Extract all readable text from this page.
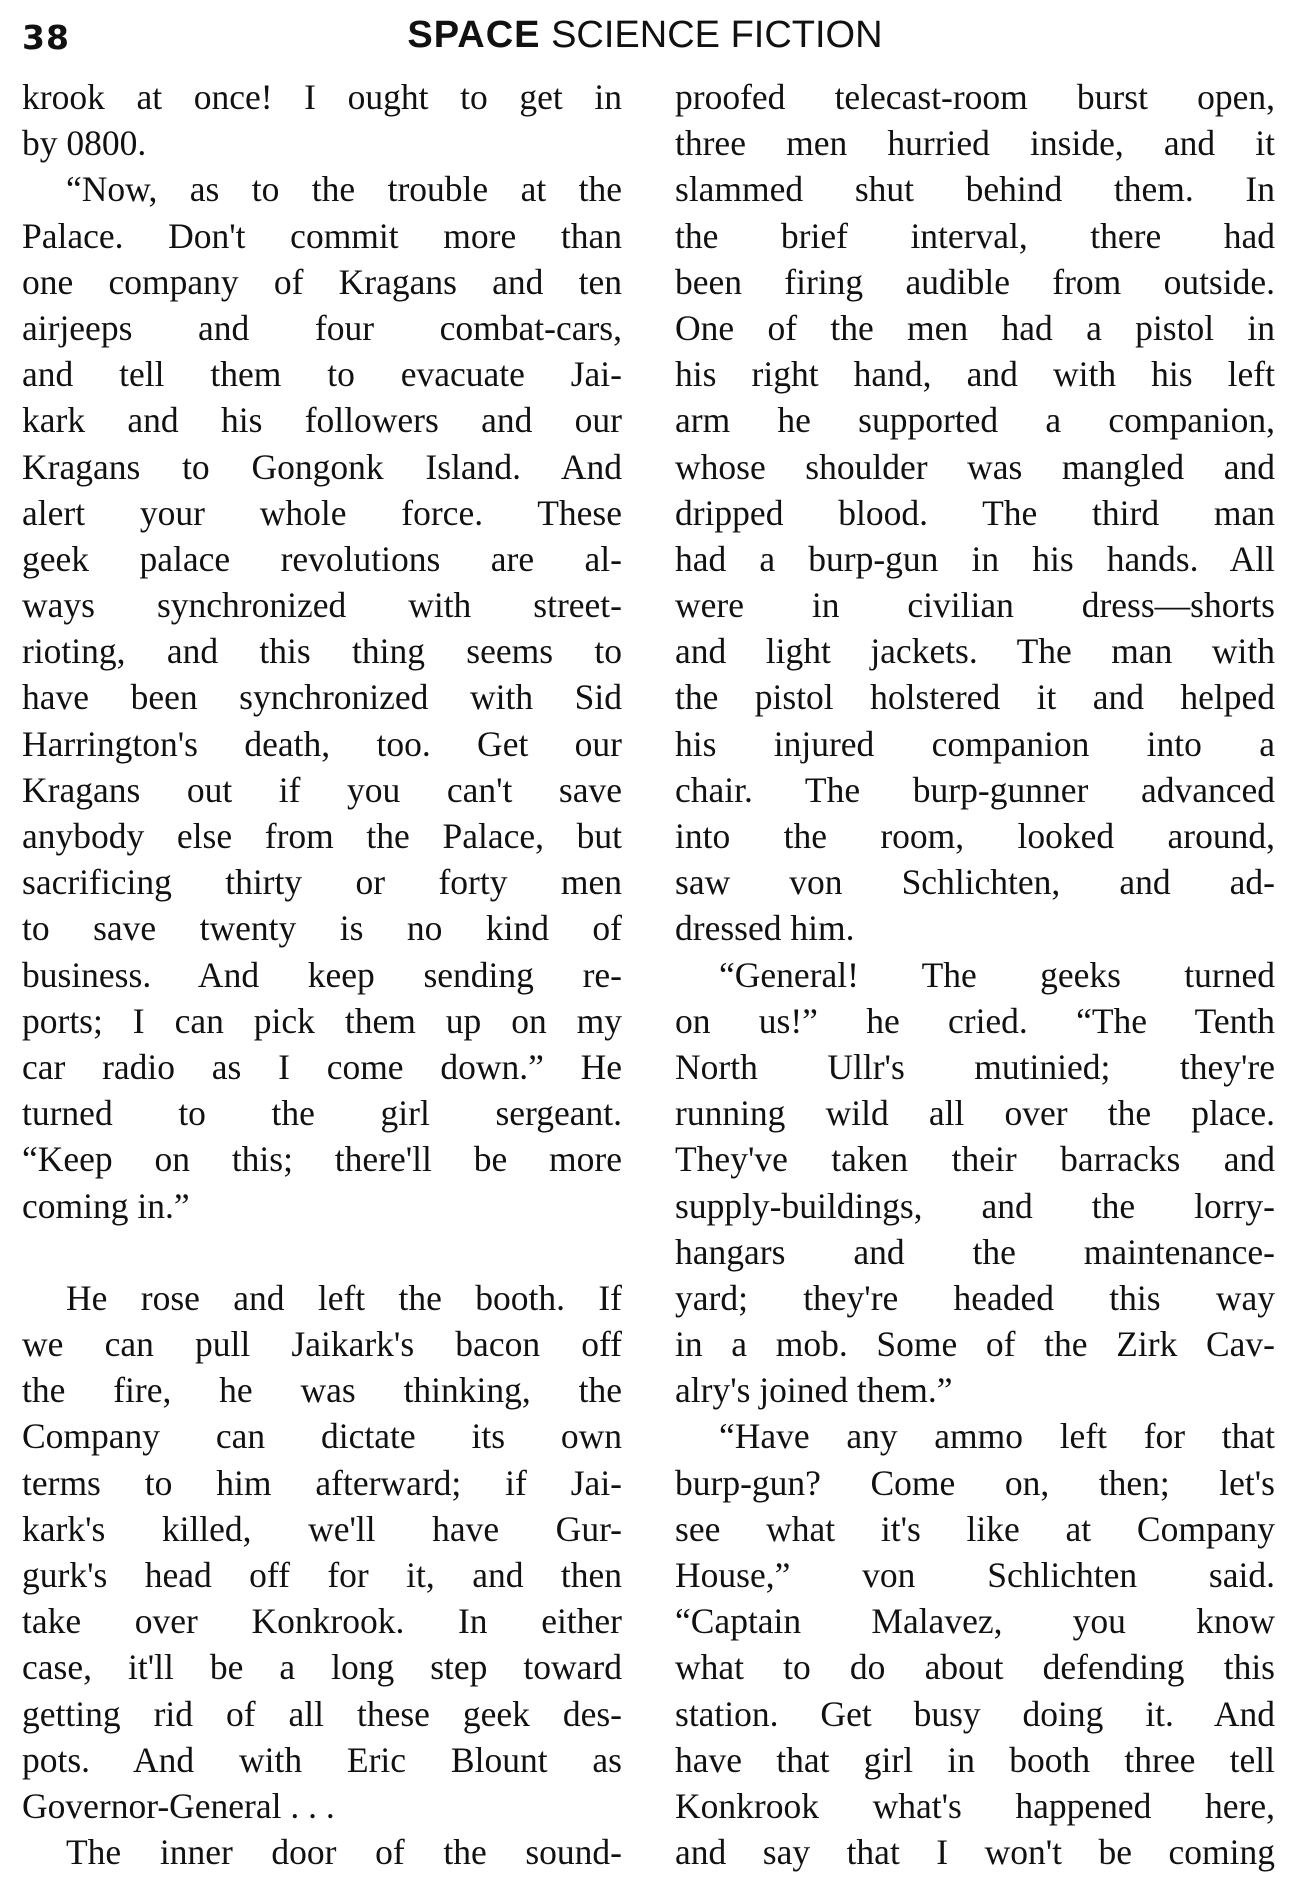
38	SPACE SCIENCE FICTION
krook at once! I ought to get in
by 0800.
“Now, as to the trouble at the
Palace. Don't commit more than
one company of Kragans and ten
airjeeps and four combat-cars,
and tell them to evacuate Jai-
kark and his followers and our
Kragans to Gongonk Island. And
alert your whole force. These
geek palace revolutions are al-
ways synchronized with street-
rioting, and this thing seems to
have been synchronized with Sid
Harrington's death, too. Get our
Kragans out if you can't save
anybody else from the Palace, but
sacrificing thirty or forty men
to save twenty is no kind of
business. And keep sending re-
ports; I can pick them up on my
car radio as I come down.” He
turned to the girl sergeant.
“Keep on this; there'll be more
coming in.”
He rose and left the booth. If
we can pull Jaikark's bacon off
the fire, he was thinking, the
Company can dictate its own
terms to him afterward; if Jai-
kark's killed, we'll have Gur-
gurk's head off for it, and then
take over Konkrook. In either
case, it'll be a long step toward
getting rid of all these geek des-
pots. And with Eric Blount as
Governor-General . . .
The inner door of the sound-
proofed telecast-room burst open,
three men hurried inside, and it
slammed shut behind them. In
the brief interval, there had
been firing audible from outside.
One of the men had a pistol in
his right hand, and with his left
arm he supported a companion,
whose shoulder was mangled and
dripped blood. The third man
had a burp-gun in his hands. All
were in civilian dress—shorts
and light jackets. The man with
the pistol holstered it and helped
his injured companion into a
chair. The burp-gunner advanced
into the room, looked around,
saw von Schlichten, and ad-
dressed him.
“General! The geeks turned
on us!” he cried. “The Tenth
North Ullr's mutinied; they're
running wild all over the place.
They've taken their barracks and
supply-buildings, and the lorry-
hangars and the maintenance-
yard; they're headed this way
in a mob. Some of the Zirk Cav-
alry's joined them.”
“Have any ammo left for that
burp-gun? Come on, then; let's
see what it's like at Company
House,” von Schlichten said.
“Captain Malavez, you know
what to do about defending this
station. Get busy doing it. And
have that girl in booth three tell
Konkrook what's happened here,
and say that I won't be coming
